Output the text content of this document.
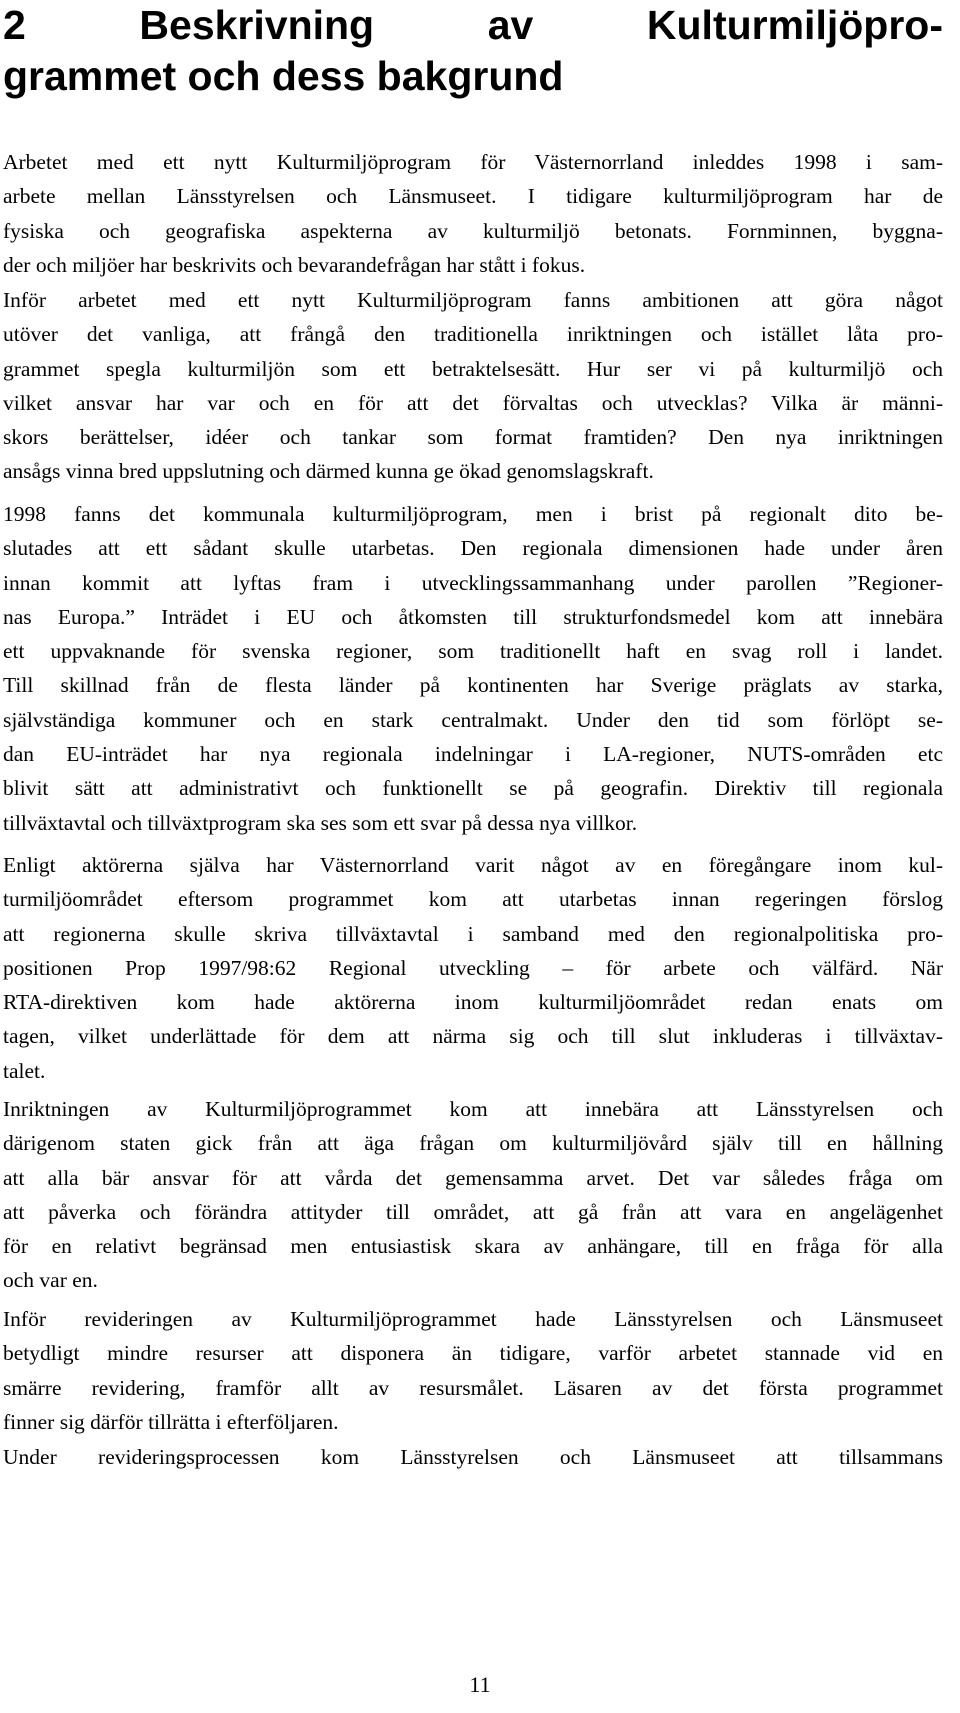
2	Beskrivning	av	Kulturmiljöpro-
grammet och dess bakgrund

Arbetet med ett nytt Kulturmiljöprogram för Västernorrland inleddes 1998 i sam-
arbete mellan Länsstyrelsen och Länsmuseet. I tidigare kulturmiljöprogram har de
fysiska och geografiska aspekterna av kulturmiljö betonats. Fornminnen, byggna-
der och miljöer har beskrivits och bevarandefrågan har stått i fokus.

Inför arbetet med ett nytt Kulturmiljöprogram fanns ambitionen att göra något
utöver det vanliga, att frångå den traditionella inriktningen och istället låta pro-
grammet spegla kulturmiljön som ett betraktelsesätt. Hur ser vi på kulturmiljö och
vilket ansvar har var och en för att det förvaltas och utvecklas? Vilka är männi-
skors berättelser, idéer och tankar som format framtiden? Den nya inriktningen
ansågs vinna bred uppslutning och därmed kunna ge ökad genomslagskraft.

1998 fanns det kommunala kulturmiljöprogram, men i brist på regionalt dito be-
slutades att ett sådant skulle utarbetas. Den regionala dimensionen hade under åren
innan kommit att lyftas fram i utvecklingssammanhang under parollen ”Regioner-
nas Europa.” Inträdet i EU och åtkomsten till strukturfondsmedel kom att innebära
ett uppvaknande för svenska regioner, som traditionellt haft en svag roll i landet.
Till skillnad från de flesta länder på kontinenten har Sverige präglats av starka,
självständiga kommuner och en stark centralmakt. Under den tid som förlöpt se-
dan EU-inträdet har nya regionala indelningar i LA-regioner, NUTS-områden etc
blivit sätt att administrativt och funktionellt se på geografin. Direktiv till regionala
tillväxtavtal och tillväxtprogram ska ses som ett svar på dessa nya villkor.

Enligt aktörerna själva har Västernorrland varit något av en föregångare inom kul-
turmiljöområdet eftersom programmet kom att utarbetas innan regeringen förslog
att regionerna skulle skriva tillväxtavtal i samband med den regionalpolitiska pro-
positionen Prop 1997/98:62 Regional utveckling – för arbete och välfärd. När
RTA-direktiven kom hade aktörerna inom kulturmiljöområdet redan enats om
tagen, vilket underlättade för dem att närma sig och till slut inkluderas i tillväxtav-
talet.

Inriktningen av Kulturmiljöprogrammet kom att innebära att Länsstyrelsen och
därigenom staten gick från att äga frågan om kulturmiljövård själv till en hållning
att alla bär ansvar för att vårda det gemensamma arvet. Det var således fråga om
att påverka och förändra attityder till området, att gå från att vara en angelägenhet
för en relativt begränsad men entusiastisk skara av anhängare, till en fråga för alla
och var en.

Inför revideringen av Kulturmiljöprogrammet hade Länsstyrelsen och Länsmuseet
betydligt mindre resurser att disponera än tidigare, varför arbetet stannade vid en
smärre revidering, framför allt av resursmålet. Läsaren av det första programmet
finner sig därför tillrätta i efterföljaren.

Under revideringsprocessen kom Länsstyrelsen och Länsmuseet att tillsammans

11
